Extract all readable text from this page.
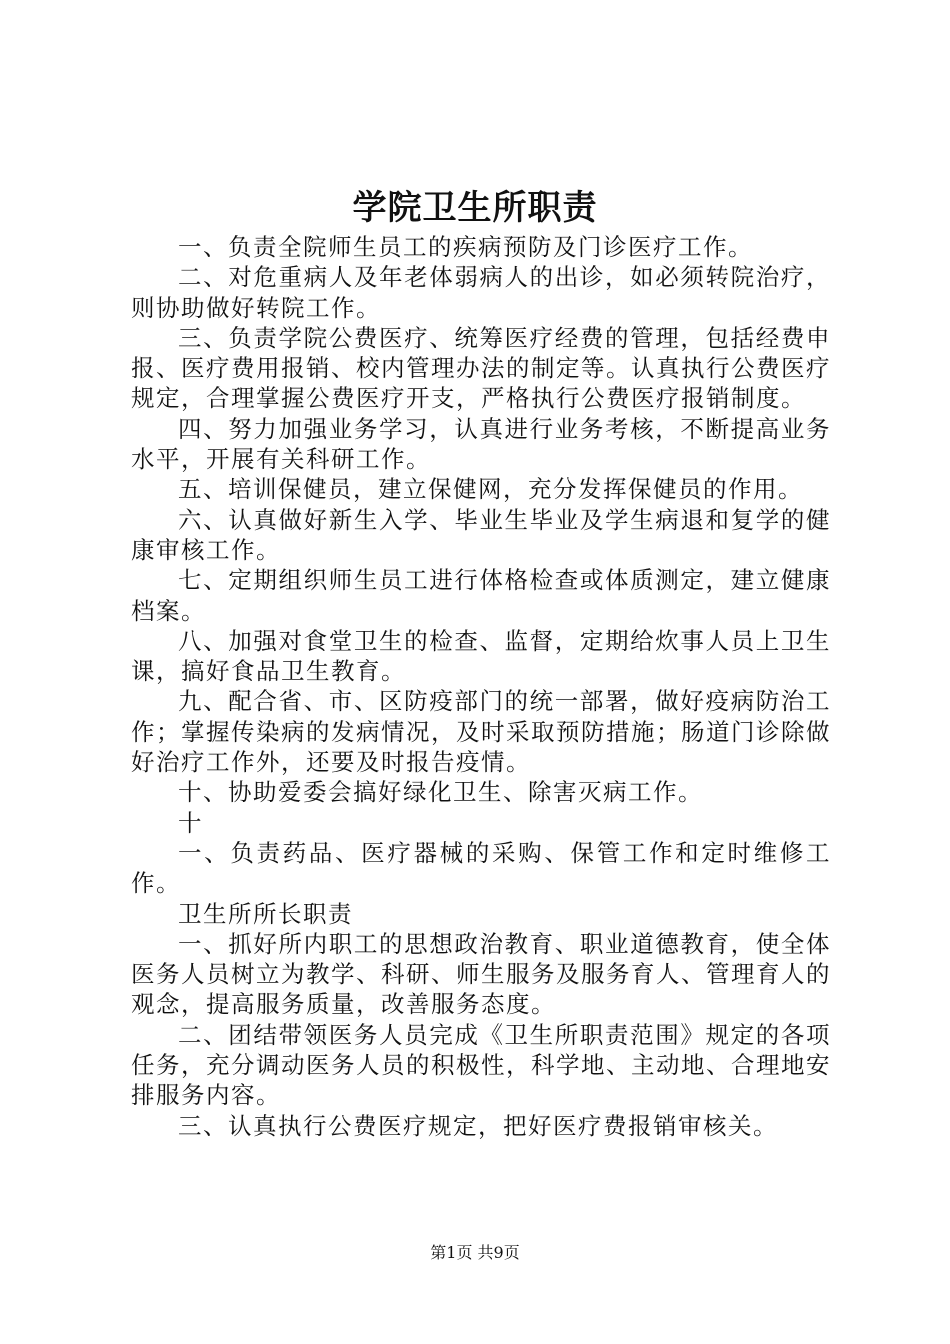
学院卫生所职责

一、负责全院师生员工的疾病预防及门诊医疗工作。

二、对危重病人及年老体弱病人的出诊，如必须转院治疗，则协助做好转院工作。

三、负责学院公费医疗、统筹医疗经费的管理，包括经费申报、医疗费用报销、校内管理办法的制定等。认真执行公费医疗规定，合理掌握公费医疗开支，严格执行公费医疗报销制度。

四、努力加强业务学习，认真进行业务考核，不断提高业务水平，开展有关科研工作。

五、培训保健员，建立保健网，充分发挥保健员的作用。

六、认真做好新生入学、毕业生毕业及学生病退和复学的健康审核工作。

七、定期组织师生员工进行体格检查或体质测定，建立健康档案。

八、加强对食堂卫生的检查、监督，定期给炊事人员上卫生课，搞好食品卫生教育。

九、配合省、市、区防疫部门的统一部署，做好疫病防治工作；掌握传染病的发病情况，及时采取预防措施；肠道门诊除做好治疗工作外，还要及时报告疫情。

十、协助爱委会搞好绿化卫生、除害灭病工作。

十

一、负责药品、医疗器械的采购、保管工作和定时维修工作。

卫生所所长职责

一、抓好所内职工的思想政治教育、职业道德教育，使全体医务人员树立为教学、科研、师生服务及服务育人、管理育人的观念，提高服务质量，改善服务态度。

二、团结带领医务人员完成《卫生所职责范围》规定的各项任务，充分调动医务人员的积极性，科学地、主动地、合理地安排服务内容。

三、认真执行公费医疗规定，把好医疗费报销审核关。

第1页 共9页
